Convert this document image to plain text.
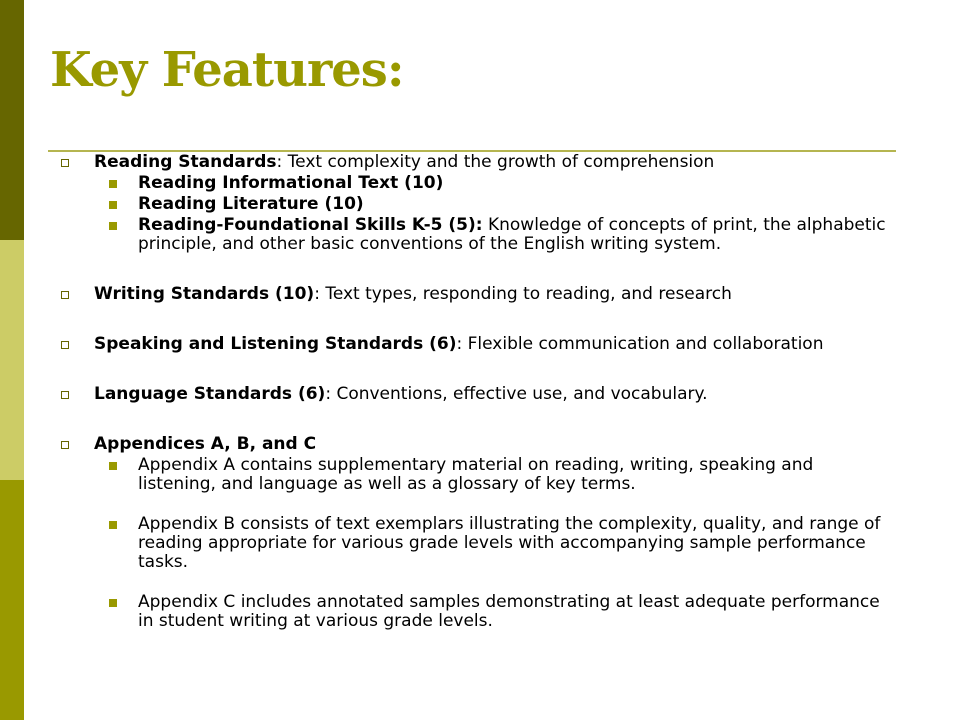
Key Features:
Reading Standards: Text complexity and the growth of comprehension
Reading Informational Text (10)
Reading Literature (10)
Reading-Foundational Skills K-5 (5): Knowledge of concepts of print, the alphabetic principle, and other basic conventions of the English writing system.
Writing Standards (10): Text types, responding to reading, and research
Speaking and Listening Standards (6): Flexible communication and collaboration
Language Standards (6): Conventions, effective use, and vocabulary.
Appendices A, B, and C
Appendix A contains supplementary material on reading, writing, speaking and listening, and language as well as a glossary of key terms.
Appendix B consists of text exemplars illustrating the complexity, quality, and range of reading appropriate for various grade levels with accompanying sample performance tasks.
Appendix C includes annotated samples demonstrating at least adequate performance in student writing at various grade levels.
